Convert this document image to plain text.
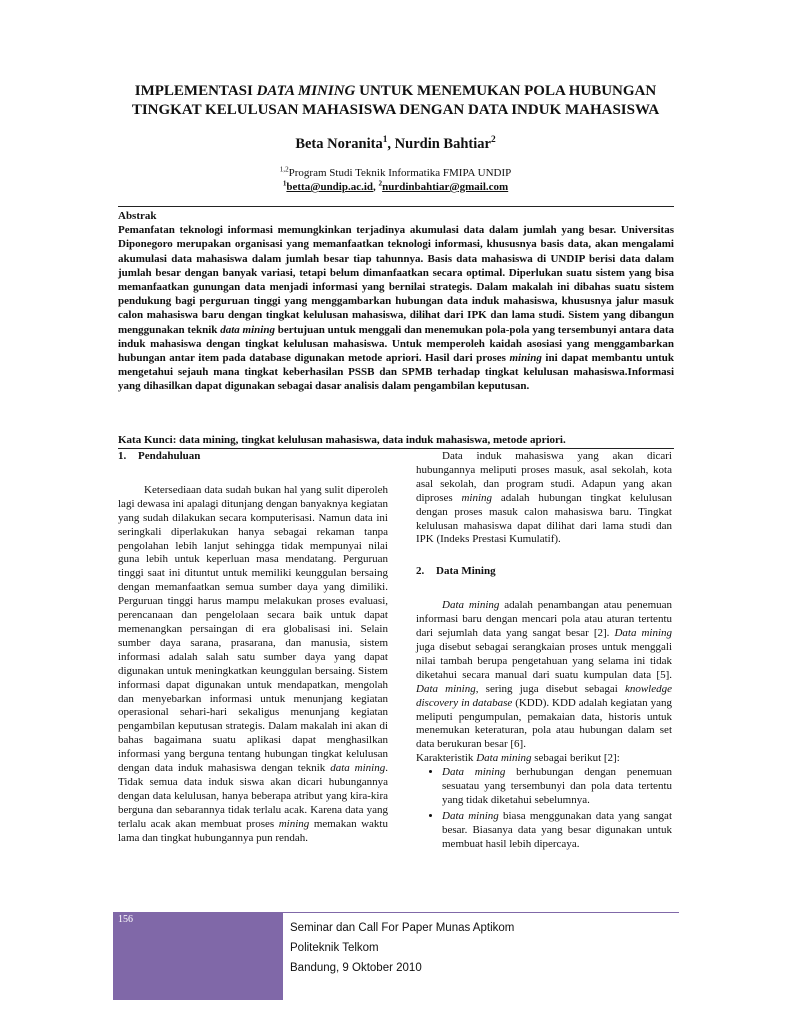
IMPLEMENTASI DATA MINING UNTUK MENEMUKAN POLA HUBUNGAN
TINGKAT KELULUSAN MAHASISWA DENGAN DATA INDUK MAHASISWA
Beta Noranita$^1$, Nurdin Bahtiar$^2$
$^{1,2}$Program Studi Teknik Informatika FMIPA UNDIP
$^1$betta@undip.ac.id, $^2$nurdinbahtiar@gmail.com
Abstrak
Pemanfatan teknologi informasi memungkinkan terjadinya akumulasi data dalam jumlah yang besar. Universitas Diponegoro merupakan organisasi yang memanfaatkan teknologi informasi, khususnya basis data, akan mengalami akumulasi data mahasiswa dalam jumlah besar tiap tahunnya. Basis data mahasiswa di UNDIP berisi data dalam jumlah besar dengan banyak variasi, tetapi belum dimanfaatkan secara optimal. Diperlukan suatu sistem yang bisa memanfaatkan gunungan data menjadi informasi yang bernilai strategis. Dalam makalah ini dibahas suatu sistem pendukung bagi perguruan tinggi yang menggambarkan hubungan data induk mahasiswa, khususnya jalur masuk calon mahasiswa baru dengan tingkat kelulusan mahasiswa, dilihat dari IPK dan lama studi. Sistem yang dibangun menggunakan teknik data mining bertujuan untuk menggali dan menemukan pola-pola yang tersembunyi antara data induk mahasiswa dengan tingkat kelulusan mahasiswa. Untuk memperoleh kaidah asosiasi yang menggambarkan hubungan antar item pada database digunakan metode apriori. Hasil dari proses mining ini dapat membantu untuk mengetahui sejauh mana tingkat keberhasilan PSSB dan SPMB terhadap tingkat kelulusan mahasiswa.Informasi yang dihasilkan dapat digunakan sebagai dasar analisis dalam pengambilan keputusan.
Kata Kunci: data mining, tingkat kelulusan mahasiswa, data induk mahasiswa, metode apriori.

1. Pendahuluan

Ketersediaan data sudah bukan hal yang sulit diperoleh lagi dewasa ini apalagi ditunjang dengan banyaknya kegiatan yang sudah dilakukan secara komputerisasi. Namun data ini seringkali diperlakukan hanya sebagai rekaman tanpa pengolahan lebih lanjut sehingga tidak mempunyai nilai guna lebih untuk keperluan masa mendatang. Perguruan tinggi saat ini dituntut untuk memiliki keunggulan bersaing dengan memanfaatkan semua sumber daya yang dimiliki. Perguruan tinggi harus mampu melakukan proses evaluasi, perencanaan dan pengelolaan secara baik untuk dapat memenangkan persaingan di era globalisasi ini. Selain sumber daya sarana, prasarana, dan manusia, sistem informasi adalah salah satu sumber daya yang dapat digunakan untuk meningkatkan keunggulan bersaing. Sistem informasi dapat digunakan untuk mendapatkan, mengolah dan menyebarkan informasi untuk menunjang kegiatan operasional sehari-hari sekaligus menunjang kegiatan pengambilan keputusan strategis. Dalam makalah ini akan di bahas bagaimana suatu aplikasi dapat menghasilkan informasi yang berguna tentang hubungan tingkat kelulusan dengan data induk mahasiswa dengan teknik data mining. Tidak semua data induk siswa akan dicari hubungannya dengan data kelulusan, hanya beberapa atribut yang kira-kira berguna dan sebarannya tidak terlalu acak. Karena data yang terlalu acak akan membuat proses mining memakan waktu lama dan tingkat hubungannya pun rendah.

Data induk mahasiswa yang akan dicari hubungannya meliputi proses masuk, asal sekolah, kota asal sekolah, dan program studi. Adapun yang akan diproses mining adalah hubungan tingkat kelulusan dengan proses masuk calon mahasiswa baru. Tingkat kelulusan mahasiswa dapat dilihat dari lama studi dan IPK (Indeks Prestasi Kumulatif).

2. Data Mining

Data mining adalah penambangan atau penemuan informasi baru dengan mencari pola atau aturan tertentu dari sejumlah data yang sangat besar [2]. Data mining juga disebut sebagai serangkaian proses untuk menggali nilai tambah berupa pengetahuan yang selama ini tidak diketahui secara manual dari suatu kumpulan data [5]. Data mining, sering juga disebut sebagai knowledge discovery in database (KDD). KDD adalah kegiatan yang meliputi pengumpulan, pemakaian data, historis untuk menemukan keteraturan, pola atau hubungan dalam set data berukuran besar [6].

Karakteristik Data mining sebagai berikut [2]:

• Data mining berhubungan dengan penemuan sesuatau yang tersembunyi dan pola data tertentu yang tidak diketahui sebelumnya.
• Data mining biasa menggunakan data yang sangat besar. Biasanya data yang besar digunakan untuk membuat hasil lebih dipercaya.
156
Seminar dan Call For Paper Munas Aptikom
Politeknik Telkom
Bandung, 9 Oktober 2010
